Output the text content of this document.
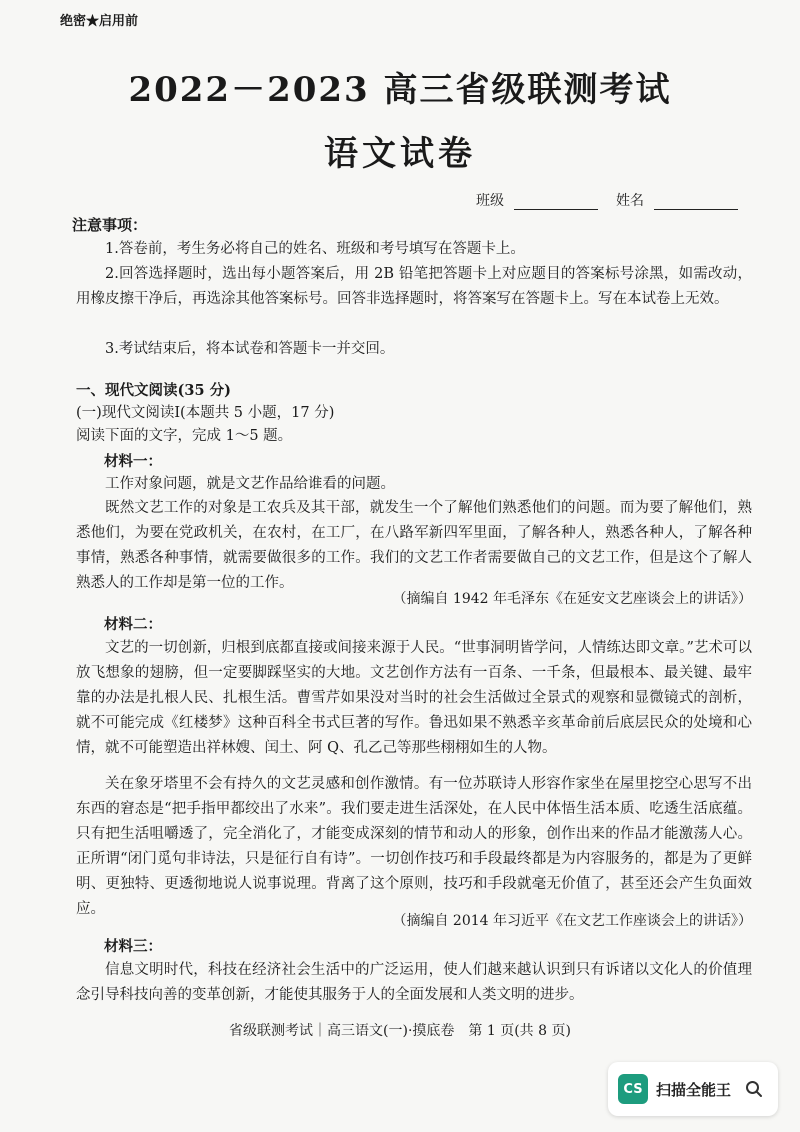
绝密★启用前
2022－2023 高三省级联测考试
语文试卷
班级	姓名
注意事项：
1.答卷前，考生务必将自己的姓名、班级和考号填写在答题卡上。
2.回答选择题时，选出每小题答案后，用 2B 铅笔把答题卡上对应题目的答案标号涂黑，如需改动，用橡皮擦干净后，再选涂其他答案标号。回答非选择题时，将答案写在答题卡上。写在本试卷上无效。
3.考试结束后，将本试卷和答题卡一并交回。
一、现代文阅读(35 分)
(一)现代文阅读Ⅰ(本题共 5 小题，17 分)
阅读下面的文字，完成 1～5 题。
材料一：
工作对象问题，就是文艺作品给谁看的问题。
既然文艺工作的对象是工农兵及其干部，就发生一个了解他们熟悉他们的问题。而为要了解他们，熟悉他们，为要在党政机关，在农村，在工厂，在八路军新四军里面，了解各种人，熟悉各种人，了解各种事情，熟悉各种事情，就需要做很多的工作。我们的文艺工作者需要做自己的文艺工作，但是这个了解人熟悉人的工作却是第一位的工作。
（摘编自 1942 年毛泽东《在延安文艺座谈会上的讲话》）
材料二：
文艺的一切创新，归根到底都直接或间接来源于人民。“世事洞明皆学问，人情练达即文章。”艺术可以放飞想象的翅膀，但一定要脚踩坚实的大地。文艺创作方法有一百条、一千条，但最根本、最关键、最牢靠的办法是扎根人民、扎根生活。曹雪芹如果没对当时的社会生活做过全景式的观察和显微镜式的剖析，就不可能完成《红楼梦》这种百科全书式巨著的写作。鲁迅如果不熟悉辛亥革命前后底层民众的处境和心情，就不可能塑造出祥林嫂、闰土、阿 Q、孔乙己等那些栩栩如生的人物。
关在象牙塔里不会有持久的文艺灵感和创作激情。有一位苏联诗人形容作家坐在屋里挖空心思写不出东西的窘态是“把手指甲都绞出了水来”。我们要走进生活深处，在人民中体悟生活本质、吃透生活底蕴。只有把生活咀嚼透了，完全消化了，才能变成深刻的情节和动人的形象，创作出来的作品才能激荡人心。正所谓“闭门觅句非诗法，只是征行自有诗”。一切创作技巧和手段最终都是为内容服务的，都是为了更鲜明、更独特、更透彻地说人说事说理。背离了这个原则，技巧和手段就毫无价值了，甚至还会产生负面效应。
（摘编自 2014 年习近平《在文艺工作座谈会上的讲话》）
材料三：
信息文明时代，科技在经济社会生活中的广泛运用，使人们越来越认识到只有诉诸以文化人的价值理念引导科技向善的变革创新，才能使其服务于人的全面发展和人类文明的进步。
省级联测考试｜高三语文(一)·摸底卷　第 1 页(共 8 页)
CS 扫描全能王
